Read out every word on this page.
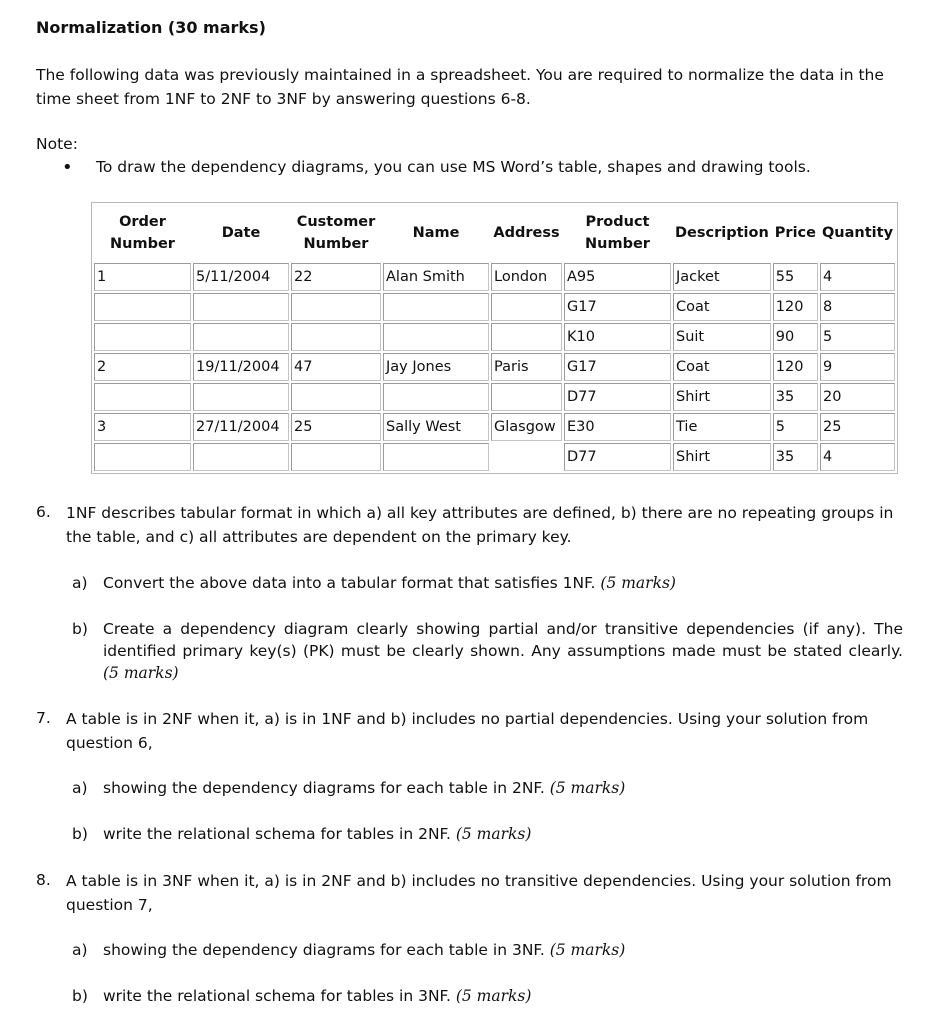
Normalization (30 marks)
The following data was previously maintained in a spreadsheet. You are required to normalize the data in the time sheet from 1NF to 2NF to 3NF by answering questions 6-8.
Note:
• To draw the dependency diagrams, you can use MS Word’s table, shapes and drawing tools.
Order Number	Date	Customer Number	Name	Address	Product Number	Description	Price	Quantity
1	5/11/2004	22	Alan Smith	London	A95	Jacket	55	4
					G17	Coat	120	8
					K10	Suit	90	5
2	19/11/2004	47	Jay Jones	Paris	G17	Coat	120	9
					D77	Shirt	35	20
3	27/11/2004	25	Sally West	Glasgow	E30	Tie	5	25
					D77	Shirt	35	4
6. 1NF describes tabular format in which a) all key attributes are defined, b) there are no repeating groups in the table, and c) all attributes are dependent on the primary key.
a) Convert the above data into a tabular format that satisfies 1NF. (5 marks)
b) Create a dependency diagram clearly showing partial and/or transitive dependencies (if any). The identified primary key(s) (PK) must be clearly shown. Any assumptions made must be stated clearly. (5 marks)
7. A table is in 2NF when it, a) is in 1NF and b) includes no partial dependencies. Using your solution from question 6,
a) showing the dependency diagrams for each table in 2NF. (5 marks)
b) write the relational schema for tables in 2NF. (5 marks)
8. A table is in 3NF when it, a) is in 2NF and b) includes no transitive dependencies. Using your solution from question 7,
a) showing the dependency diagrams for each table in 3NF. (5 marks)
b) write the relational schema for tables in 3NF. (5 marks)
